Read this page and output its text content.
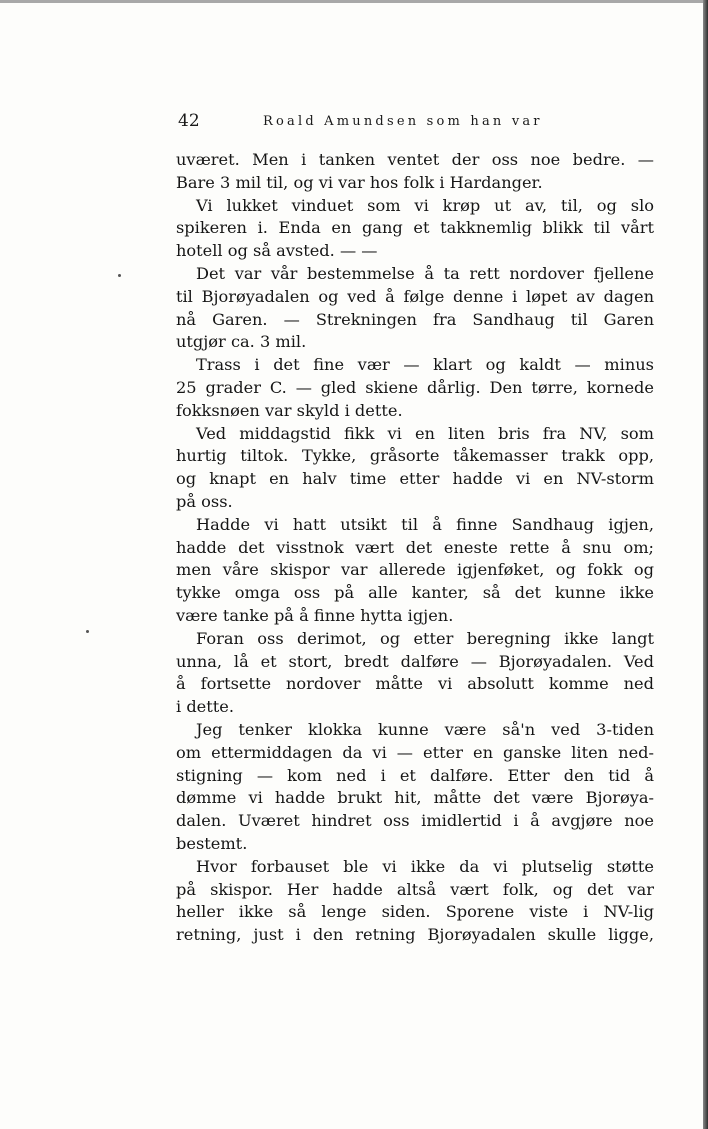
42	Roald Amundsen som han var
uværet. Men i tanken ventet der oss noe bedre. —
Bare 3 mil til, og vi var hos folk i Hardanger.
Vi lukket vinduet som vi krøp ut av, til, og slo
spikeren i. Enda en gang et takknemlig blikk til vårt
hotell og så avsted. — —
Det var vår bestemmelse å ta rett nordover fjellene
til Bjorøyadalen og ved å følge denne i løpet av dagen
nå Garen. — Strekningen fra Sandhaug til Garen
utgjør ca. 3 mil.
Trass i det fine vær — klart og kaldt — minus
25 grader C. — gled skiene dårlig. Den tørre, kornede
fokksnøen var skyld i dette.
Ved middagstid fikk vi en liten bris fra NV, som
hurtig tiltok. Tykke, gråsorte tåkemasser trakk opp,
og knapt en halv time etter hadde vi en NV-storm
på oss.
Hadde vi hatt utsikt til å finne Sandhaug igjen,
hadde det visstnok vært det eneste rette å snu om;
men våre skispor var allerede igjenføket, og fokk og
tykke omga oss på alle kanter, så det kunne ikke
være tanke på å finne hytta igjen.
Foran oss derimot, og etter beregning ikke langt
unna, lå et stort, bredt dalføre — Bjorøyadalen. Ved
å fortsette nordover måtte vi absolutt komme ned
i dette.
Jeg tenker klokka kunne være så'n ved 3-tiden
om ettermiddagen da vi — etter en ganske liten ned-
stigning — kom ned i et dalføre. Etter den tid å
dømme vi hadde brukt hit, måtte det være Bjorøya-
dalen. Uværet hindret oss imidlertid i å avgjøre noe
bestemt.
Hvor forbauset ble vi ikke da vi plutselig støtte
på skispor. Her hadde altså vært folk, og det var
heller ikke så lenge siden. Sporene viste i NV-lig
retning, just i den retning Bjorøyadalen skulle ligge,
